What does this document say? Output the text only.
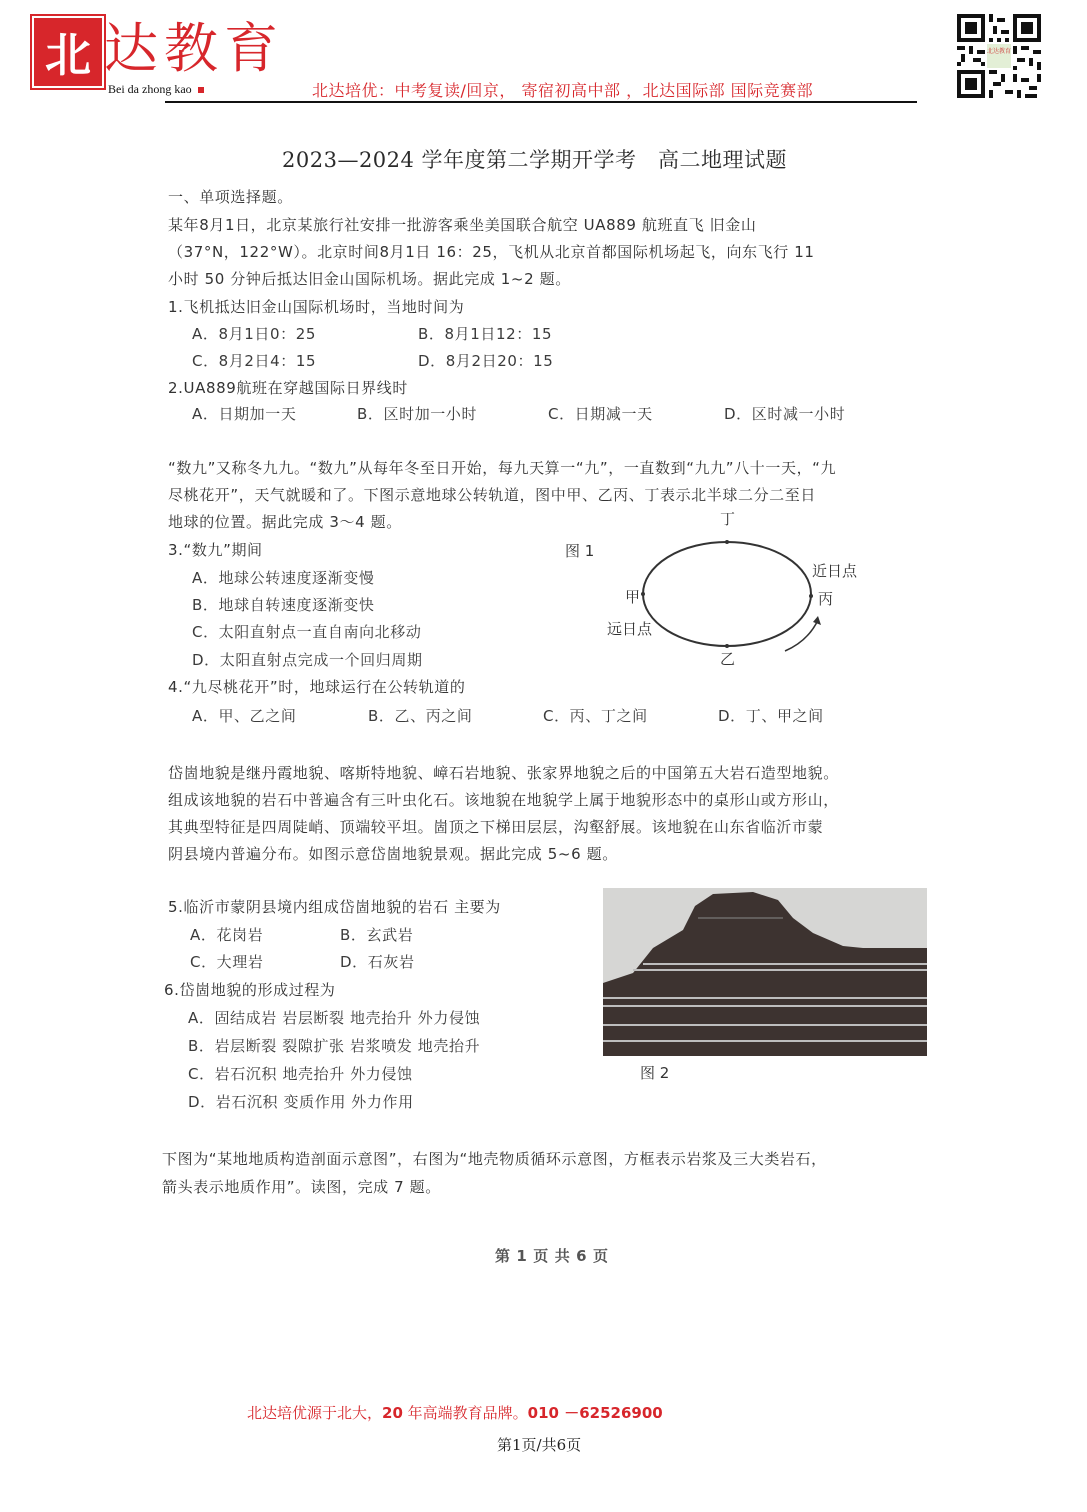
北 达教育
Bei da zhong kao	北达培优：中考复读/回京， 寄宿初高中部 ，北达国际部 国际竞赛部
北达教育
2023—2024 学年度第二学期开学考　高二地理试题
一、单项选择题。
某年8月1日，北京某旅行社安排一批游客乘坐美国联合航空 UA889 航班直飞 旧金山
（37°N，122°W）。北京时间8月1日 16：25，飞机从北京首都国际机场起飞，向东飞行 11
小时 50 分钟后抵达旧金山国际机场。据此完成 1~2 题。
1.飞机抵达旧金山国际机场时，当地时间为
A．8月1日0：25	B．8月1日12：15
C．8月2日4：15	D．8月2日20：15
2.UA889航班在穿越国际日界线时
A．日期加一天	B．区时加一小时	C．日期减一天	D．区时减一小时
“数九”又称冬九九。“数九”从每年冬至日开始，每九天算一“九”，一直数到“九九”八十一天，“九
尽桃花开”，天气就暖和了。下图示意地球公转轨道，图中甲、乙丙、丁表示北半球二分二至日
地球的位置。据此完成 3～4 题。
3.“数九”期间
A．地球公转速度逐渐变慢
B．地球自转速度逐渐变快
C．太阳直射点一直自南向北移动
D．太阳直射点完成一个回归周期
4.“九尽桃花开”时，地球运行在公转轨道的
A．甲、乙之间	B．乙、丙之间	C．丙、丁之间	D．丁、甲之间
图 1
丁
乙
甲	丙
近日点
远日点
岱崮地貌是继丹霞地貌、喀斯特地貌、嶂石岩地貌、张家界地貌之后的中国第五大岩石造型地貌。
组成该地貌的岩石中普遍含有三叶虫化石。该地貌在地貌学上属于地貌形态中的桌形山或方形山，
其典型特征是四周陡峭、顶端较平坦。崮顶之下梯田层层，沟壑舒展。该地貌在山东省临沂市蒙
阴县境内普遍分布。如图示意岱崮地貌景观。据此完成 5~6 题。
5.临沂市蒙阴县境内组成岱崮地貌的岩石 主要为
A．花岗岩	B．玄武岩
C．大理岩	D．石灰岩
6.岱崮地貌的形成过程为
A．固结成岩 岩层断裂 地壳抬升 外力侵蚀
B．岩层断裂 裂隙扩张 岩浆喷发 地壳抬升
C．岩石沉积 地壳抬升 外力侵蚀
D．岩石沉积 变质作用 外力作用
图 2
下图为“某地地质构造剖面示意图”，右图为“地壳物质循环示意图，方框表示岩浆及三大类岩石，
箭头表示地质作用”。读图，完成 7 题。
第 1 页 共 6 页
北达培优源于北大，20 年高端教育品牌。010 －62526900
第1页/共6页
